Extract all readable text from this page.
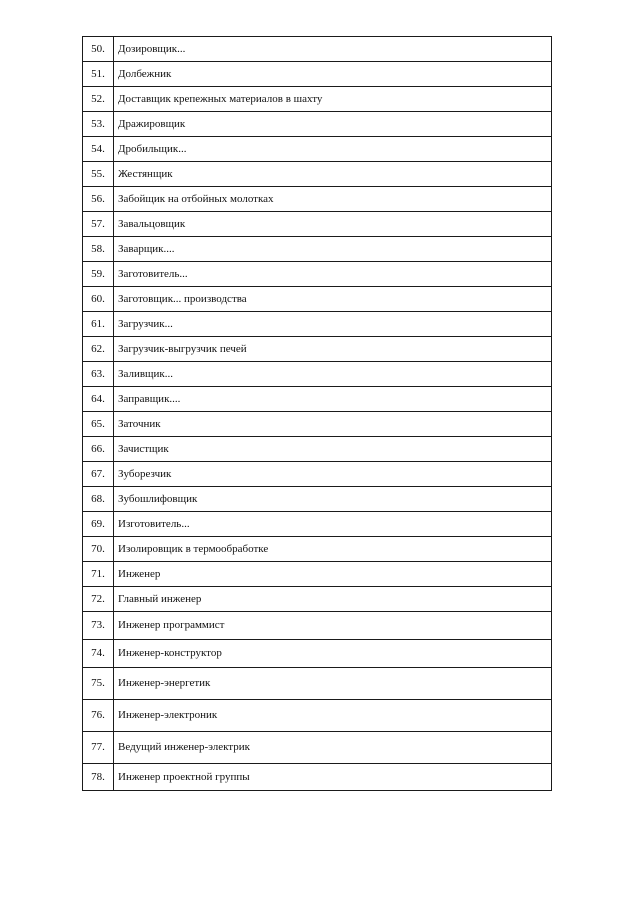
50.	Дозировщик...
51.	Долбежник
52.	Доставщик крепежных материалов в шахту
53.	Дражировщик
54.	Дробильщик...
55.	Жестянщик
56.	Забойщик на отбойных молотках
57.	Завальцовщик
58.	Заварщик....
59.	Заготовитель...
60.	Заготовщик... производства
61.	Загрузчик...
62.	Загрузчик-выгрузчик печей
63.	Заливщик...
64.	Заправщик....
65.	Заточник
66.	Зачистщик
67.	Зуборезчик
68.	Зубошлифовщик
69.	Изготовитель...
70.	Изолировщик в термообработке
71.	Инженер
72.	Главный инженер
73.	Инженер программист
74.	Инженер-конструктор
75.	Инженер-энергетик
76.	Инженер-электроник
77.	Ведущий инженер-электрик
78.	Инженер проектной группы
